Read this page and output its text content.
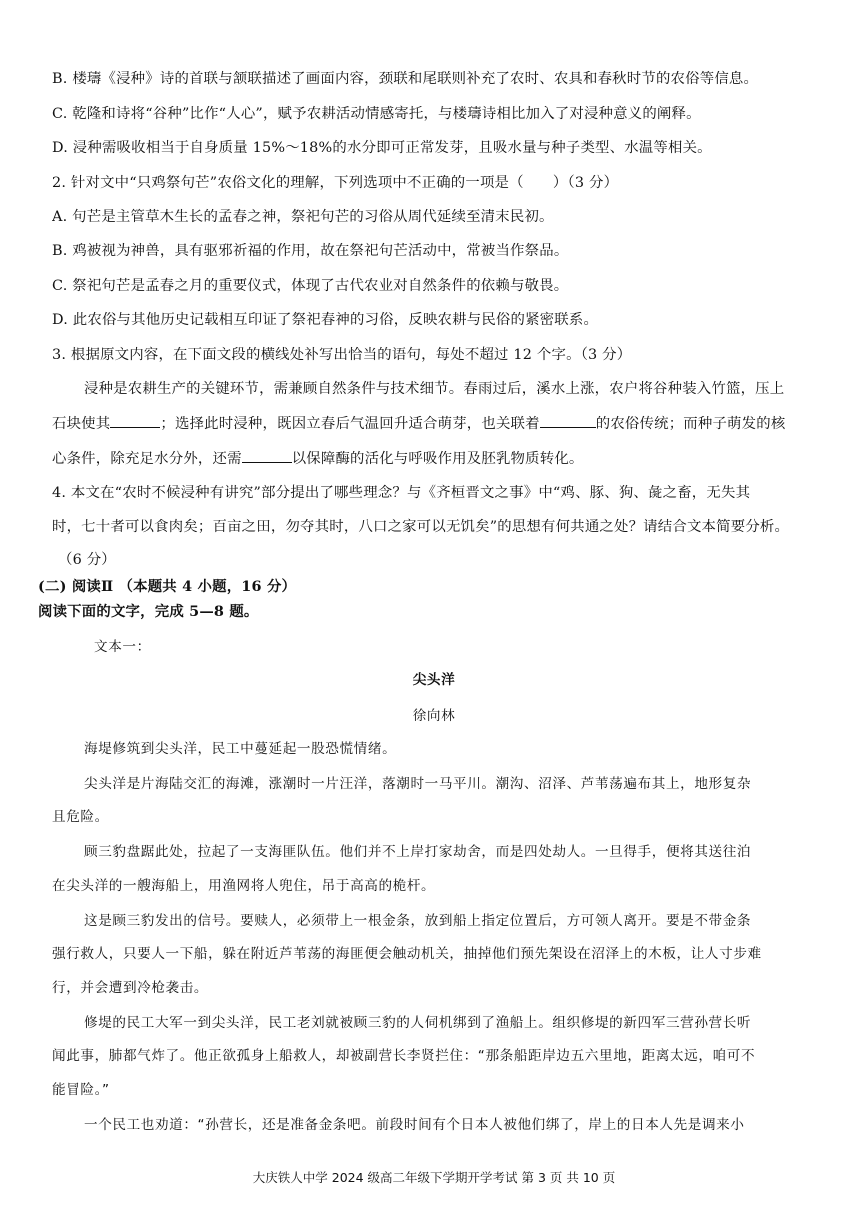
B. 楼璹《浸种》诗的首联与颔联描述了画面内容，颈联和尾联则补充了农时、农具和春秋时节的农俗等信息。
C. 乾隆和诗将“谷种”比作“人心”，赋予农耕活动情感寄托，与楼璹诗相比加入了对浸种意义的阐释。
D. 浸种需吸收相当于自身质量 15%～18%的水分即可正常发芽，且吸水量与种子类型、水温等相关。
2. 针对文中“只鸡祭句芒”农俗文化的理解，下列选项中不正确的一项是（　　）（3 分）
A. 句芒是主管草木生长的孟春之神，祭祀句芒的习俗从周代延续至清末民初。
B. 鸡被视为神兽，具有驱邪祈福的作用，故在祭祀句芒活动中，常被当作祭品。
C. 祭祀句芒是孟春之月的重要仪式，体现了古代农业对自然条件的依赖与敬畏。
D. 此农俗与其他历史记载相互印证了祭祀春神的习俗，反映农耕与民俗的紧密联系。
3. 根据原文内容，在下面文段的横线处补写出恰当的语句，每处不超过 12 个字。（3 分）
浸种是农耕生产的关键环节，需兼顾自然条件与技术细节。春雨过后，溪水上涨，农户将谷种装入竹篮，压上
石块使其	；选择此时浸种，既因立春后气温回升适合萌芽，也关联着	的农俗传统；而种子萌发的核
心条件，除充足水分外，还需	以保障酶的活化与呼吸作用及胚乳物质转化。
4. 本文在“农时不候浸种有讲究”部分提出了哪些理念？与《齐桓晋文之事》中“鸡、豚、狗、彘之畜，无失其
时，七十者可以食肉矣；百亩之田，勿夺其时，八口之家可以无饥矣”的思想有何共通之处？请结合文本简要分析。
（6 分）
(二) 阅读Ⅱ （本题共 4 小题，16 分）
阅读下面的文字，完成 5—8 题。
文本一：
尖头洋
徐向林
海堤修筑到尖头洋，民工中蔓延起一股恐慌情绪。
尖头洋是片海陆交汇的海滩，涨潮时一片汪洋，落潮时一马平川。潮沟、沼泽、芦苇荡遍布其上，地形复杂
且危险。
顾三豹盘踞此处，拉起了一支海匪队伍。他们并不上岸打家劫舍，而是四处劫人。一旦得手，便将其送往泊
在尖头洋的一艘海船上，用渔网将人兜住，吊于高高的桅杆。
这是顾三豹发出的信号。要赎人，必须带上一根金条，放到船上指定位置后，方可领人离开。要是不带金条
强行救人，只要人一下船，躲在附近芦苇荡的海匪便会触动机关，抽掉他们预先架设在沼泽上的木板，让人寸步难
行，并会遭到冷枪袭击。
修堤的民工大军一到尖头洋，民工老刘就被顾三豹的人伺机绑到了渔船上。组织修堤的新四军三营孙营长听
闻此事，肺都气炸了。他正欲孤身上船救人，却被副营长李贤拦住：“那条船距岸边五六里地，距离太远，咱可不
能冒险。”
一个民工也劝道：“孙营长，还是准备金条吧。前段时间有个日本人被他们绑了，岸上的日本人先是调来小
大庆铁人中学 2024 级高二年级下学期开学考试 第 3 页 共 10 页
